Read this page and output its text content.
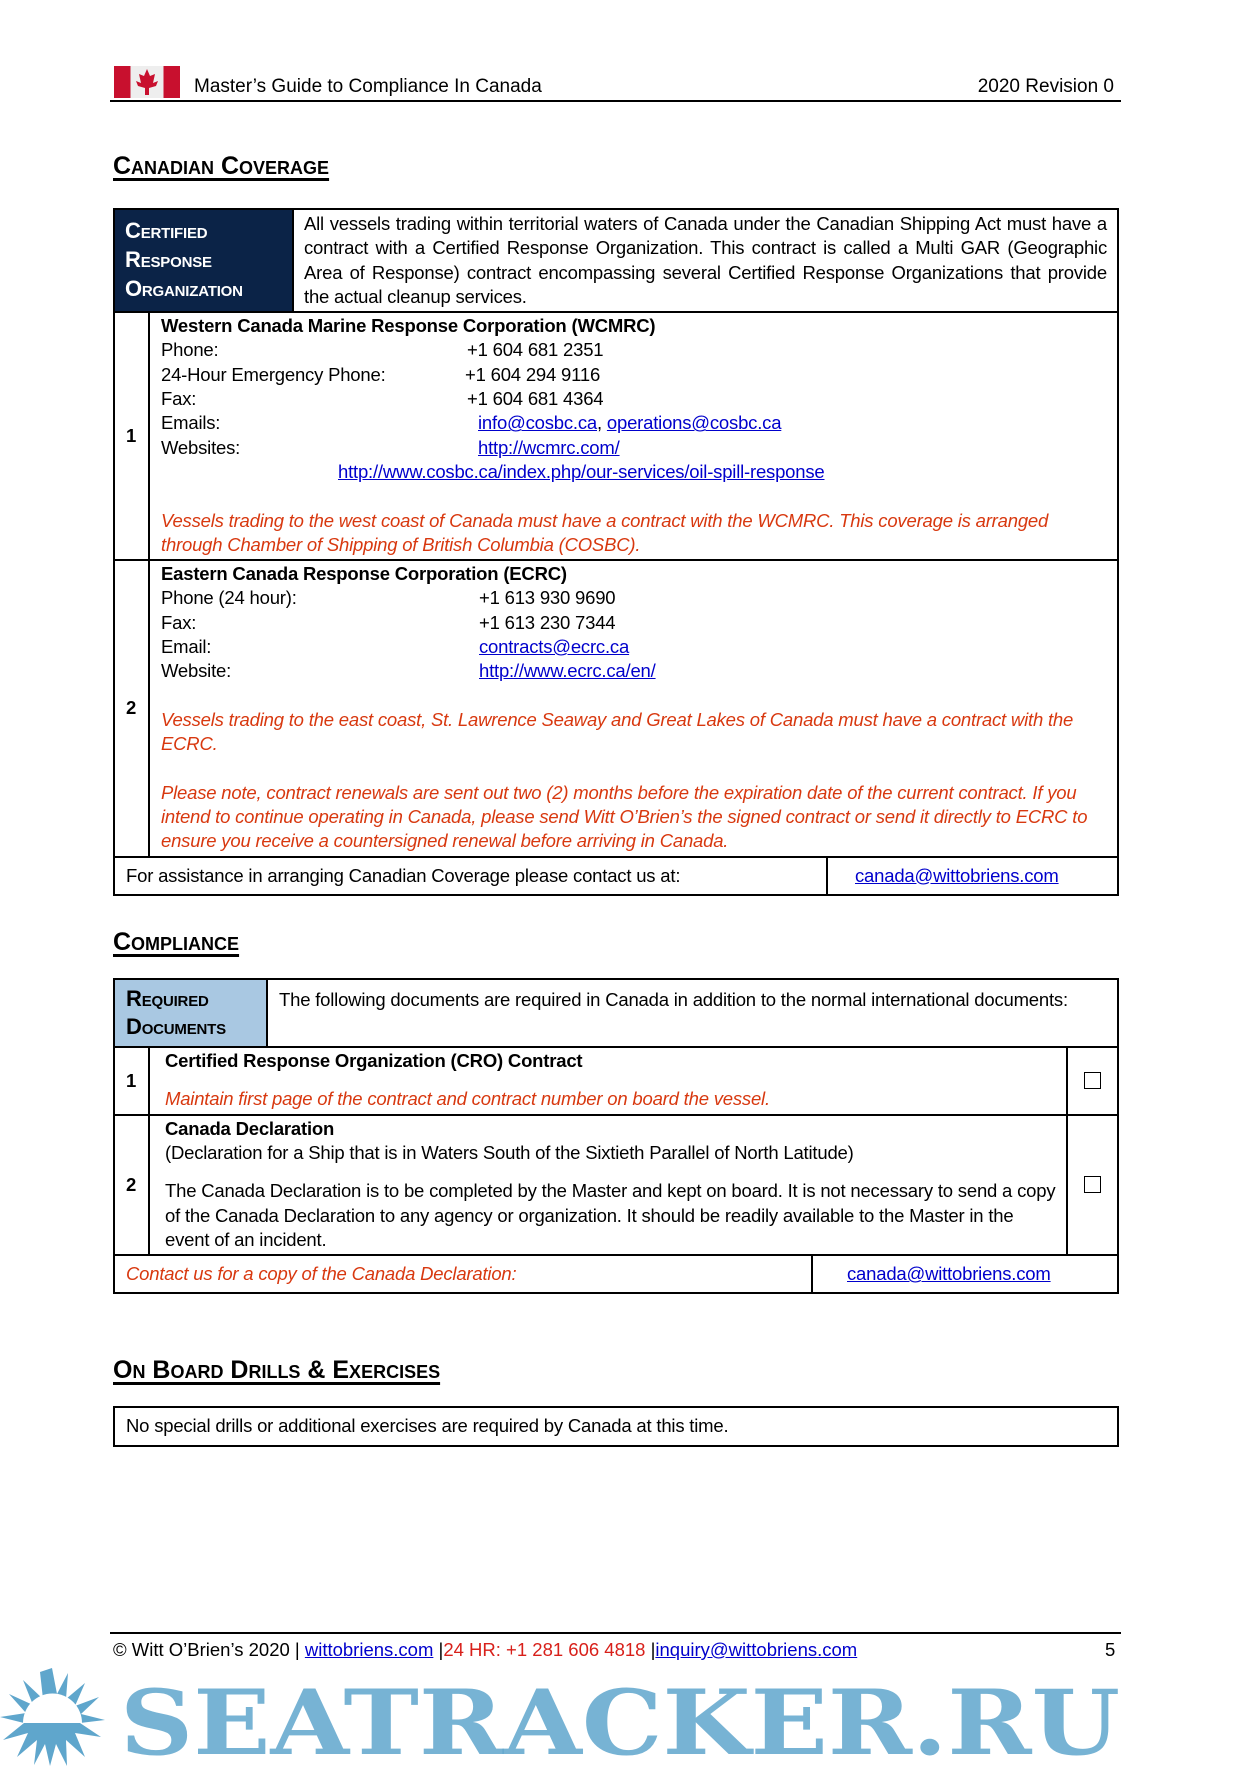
Master’s Guide to Compliance In Canada	2020 Revision 0
Canadian Coverage
Certified
Response
Organization
All vessels trading within territorial waters of Canada under the Canadian Shipping Act must have a contract with a Certified Response Organization. This contract is called a Multi GAR (Geographic Area of Response) contract encompassing several Certified Response Organizations that provide the actual cleanup services.
1
Western Canada Marine Response Corporation (WCMRC)
Phone:	+1 604 681 2351
24-Hour Emergency Phone:	+1 604 294 9116
Fax:	+1 604 681 4364
Emails:	info@cosbc.ca, operations@cosbc.ca
Websites:	http://wcmrc.com/
http://www.cosbc.ca/index.php/our-services/oil-spill-response
Vessels trading to the west coast of Canada must have a contract with the WCMRC. This coverage is arranged through Chamber of Shipping of British Columbia (COSBC).
2
Eastern Canada Response Corporation (ECRC)
Phone (24 hour):	+1 613 930 9690
Fax:	+1 613 230 7344
Email:	contracts@ecrc.ca
Website:	http://www.ecrc.ca/en/
Vessels trading to the east coast, St. Lawrence Seaway and Great Lakes of Canada must have a contract with the ECRC.
Please note, contract renewals are sent out two (2) months before the expiration date of the current contract. If you intend to continue operating in Canada, please send Witt O’Brien’s the signed contract or send it directly to ECRC to ensure you receive a countersigned renewal before arriving in Canada.
For assistance in arranging Canadian Coverage please contact us at:	canada@wittobriens.com
Compliance
Required
Documents
The following documents are required in Canada in addition to the normal international documents:
1
Certified Response Organization (CRO) Contract
Maintain first page of the contract and contract number on board the vessel.
2
Canada Declaration
(Declaration for a Ship that is in Waters South of the Sixtieth Parallel of North Latitude)
The Canada Declaration is to be completed by the Master and kept on board. It is not necessary to send a copy of the Canada Declaration to any agency or organization. It should be readily available to the Master in the event of an incident.
Contact us for a copy of the Canada Declaration:	canada@wittobriens.com
On Board Drills & Exercises
No special drills or additional exercises are required by Canada at this time.
© Witt O’Brien’s 2020 | wittobriens.com |24 HR: +1 281 606 4818 |inquiry@wittobriens.com	5
SEATRACKER.RU
